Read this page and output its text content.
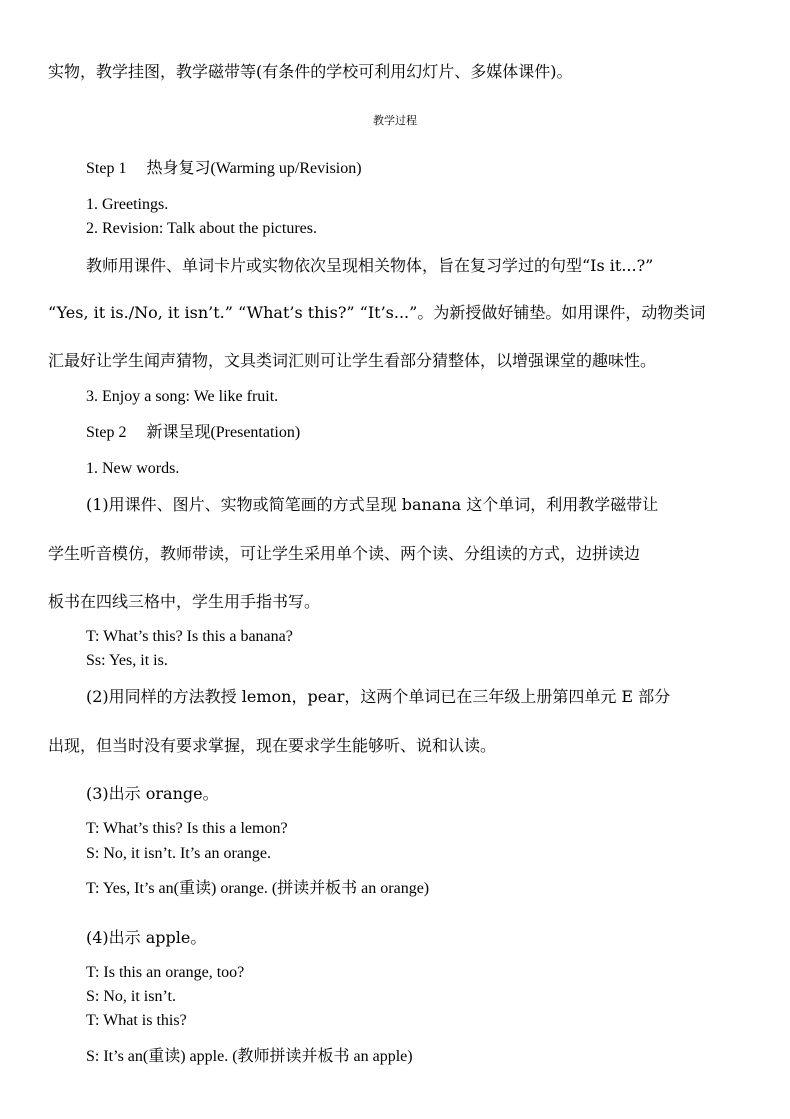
实物，教学挂图，教学磁带等(有条件的学校可利用幻灯片、多媒体课件)。
教学过程
Step 1　 热身复习(Warming up/Revision)
1. Greetings.
2. Revision: Talk about the pictures.
教师用课件、单词卡片或实物依次呈现相关物体，旨在复习学过的句型“Is it...?”
“Yes, it is./No, it isn’t.” “What’s this?” “It’s...”。为新授做好铺垫。如用课件，动物类词
汇最好让学生闻声猜物，文具类词汇则可让学生看部分猜整体，以增强课堂的趣味性。
3. Enjoy a song: We like fruit.
Step 2　 新课呈现(Presentation)
1. New words.
(1)用课件、图片、实物或简笔画的方式呈现 banana 这个单词，利用教学磁带让
学生听音模仿，教师带读，可让学生采用单个读、两个读、分组读的方式，边拼读边
板书在四线三格中，学生用手指书写。
T: What’s this? Is this a banana?
Ss: Yes, it is.
(2)用同样的方法教授 lemon，pear，这两个单词已在三年级上册第四单元 E 部分
出现，但当时没有要求掌握，现在要求学生能够听、说和认读。
(3)出示 orange。
T: What’s this? Is this a lemon?
S: No, it isn’t. It’s an orange.
T: Yes, It’s an(重读) orange. (拼读并板书 an orange)
(4)出示 apple。
T: Is this an orange, too?
S: No, it isn’t.
T: What is this?
S: It’s an(重读) apple. (教师拼读并板书 an apple)
